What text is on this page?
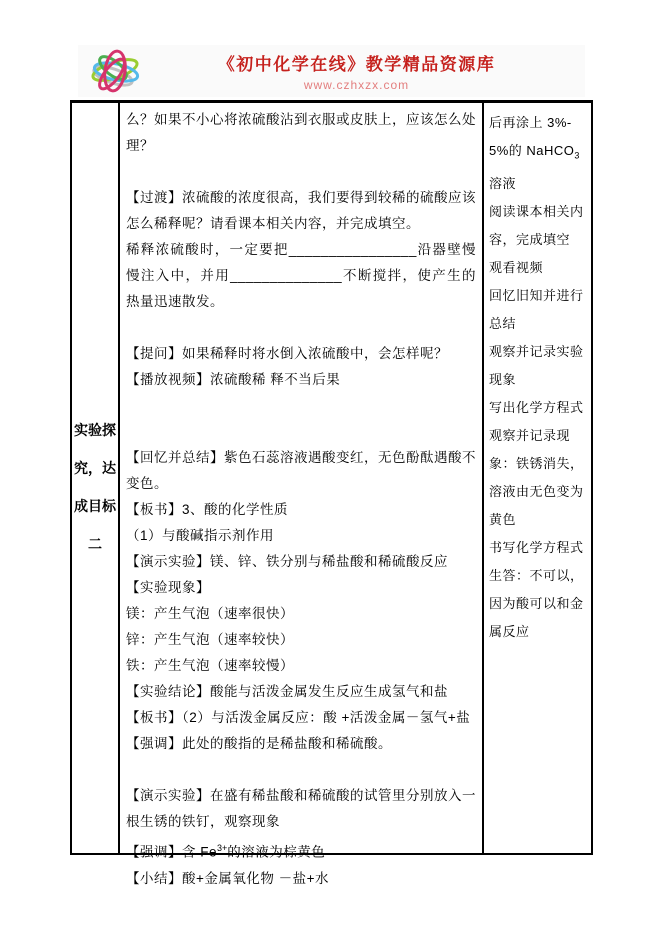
《初中化学在线》教学精品资源库
www.czhxzx.com
实验探究，达成目标二

么？如果不小心将浓硫酸沾到衣服或皮肤上，应该怎么处理？

【过渡】浓硫酸的浓度很高，我们要得到较稀的硫酸应该怎么稀释呢？请看课本相关内容，并完成填空。

稀释浓硫酸时，一定要把________________沿器壁慢慢注入中，并用______________不断搅拌，使产生的热量迅速散发。

【提问】如果稀释时将水倒入浓硫酸中，会怎样呢？

【播放视频】浓硫酸稀 释不当后果

【回忆并总结】紫色石蕊溶液遇酸变红，无色酚酞遇酸不变色。

【板书】3、酸的化学性质

（1）与酸碱指示剂作用

【演示实验】镁、锌、铁分别与稀盐酸和稀硫酸反应

【实验现象】

镁：产生气泡（速率很快）

锌：产生气泡（速率较快）

铁：产生气泡（速率较慢）

【实验结论】酸能与活泼金属发生反应生成氢气和盐

【板书】（2）与活泼金属反应：酸 +活泼金属－氢气+盐

【强调】此处的酸指的是稀盐酸和稀硫酸。

【演示实验】在盛有稀盐酸和稀硫酸的试管里分别放入一根生锈的铁钉，观察现象

【强调】含 $Fe^{3+}$的溶液为棕黄色

【小结】酸+金属氧化物 －盐+水

后再涂上 3%-5%的 NaHCO$_3$ 溶液

阅读课本相关内容，完成填空

观看视频

回忆旧知并进行总结

观察并记录实验现象

写出化学方程式

观察并记录现象：铁锈消失，溶液由无色变为黄色

书写化学方程式

生答：不可以，因为酸可以和金属反应
